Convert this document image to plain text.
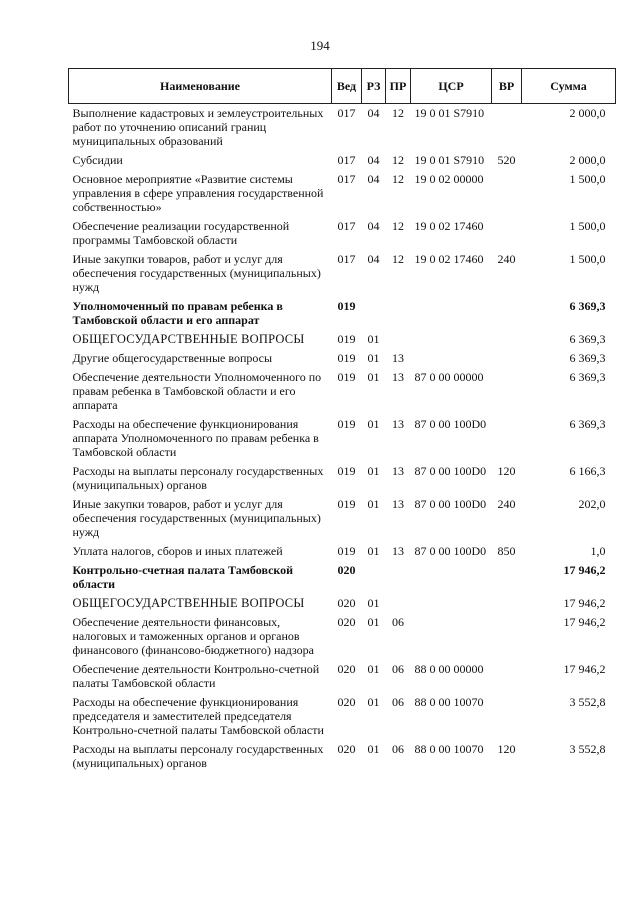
194
Наименование	Вед	РЗ	ПР	ЦСР	ВР	Сумма
Выполнение кадастровых и землеустроительных работ по уточнению описаний границ муниципальных образований	017	04	12	19 0 01 S7910		2 000,0
Субсидии	017	04	12	19 0 01 S7910	520	2 000,0
Основное мероприятие «Развитие системы управления в сфере управления государственной собственностью»	017	04	12	19 0 02 00000		1 500,0
Обеспечение реализации государственной программы Тамбовской области	017	04	12	19 0 02 17460		1 500,0
Иные закупки товаров, работ и услуг для обеспечения государственных (муниципальных) нужд	017	04	12	19 0 02 17460	240	1 500,0
Уполномоченный по правам ребенка в Тамбовской области и его аппарат	019					6 369,3
ОБЩЕГОСУДАРСТВЕННЫЕ ВОПРОСЫ	019	01				6 369,3
Другие общегосударственные вопросы	019	01	13			6 369,3
Обеспечение деятельности Уполномоченного по правам ребенка в Тамбовской области и его аппарата	019	01	13	87 0 00 00000		6 369,3
Расходы на обеспечение функционирования аппарата Уполномоченного по правам ребенка в Тамбовской области	019	01	13	87 0 00 100D0		6 369,3
Расходы на выплаты персоналу государственных (муниципальных) органов	019	01	13	87 0 00 100D0	120	6 166,3
Иные закупки товаров, работ и услуг для обеспечения государственных (муниципальных) нужд	019	01	13	87 0 00 100D0	240	202,0
Уплата налогов, сборов и иных платежей	019	01	13	87 0 00 100D0	850	1,0
Контрольно-счетная палата Тамбовской области	020					17 946,2
ОБЩЕГОСУДАРСТВЕННЫЕ ВОПРОСЫ	020	01				17 946,2
Обеспечение деятельности финансовых, налоговых и таможенных органов и органов финансового (финансово-бюджетного) надзора	020	01	06			17 946,2
Обеспечение деятельности Контрольно-счетной палаты Тамбовской области	020	01	06	88 0 00 00000		17 946,2
Расходы на обеспечение функционирования председателя и заместителей председателя Контрольно-счетной палаты Тамбовской области	020	01	06	88 0 00 10070		3 552,8
Расходы на выплаты персоналу государственных (муниципальных) органов	020	01	06	88 0 00 10070	120	3 552,8
